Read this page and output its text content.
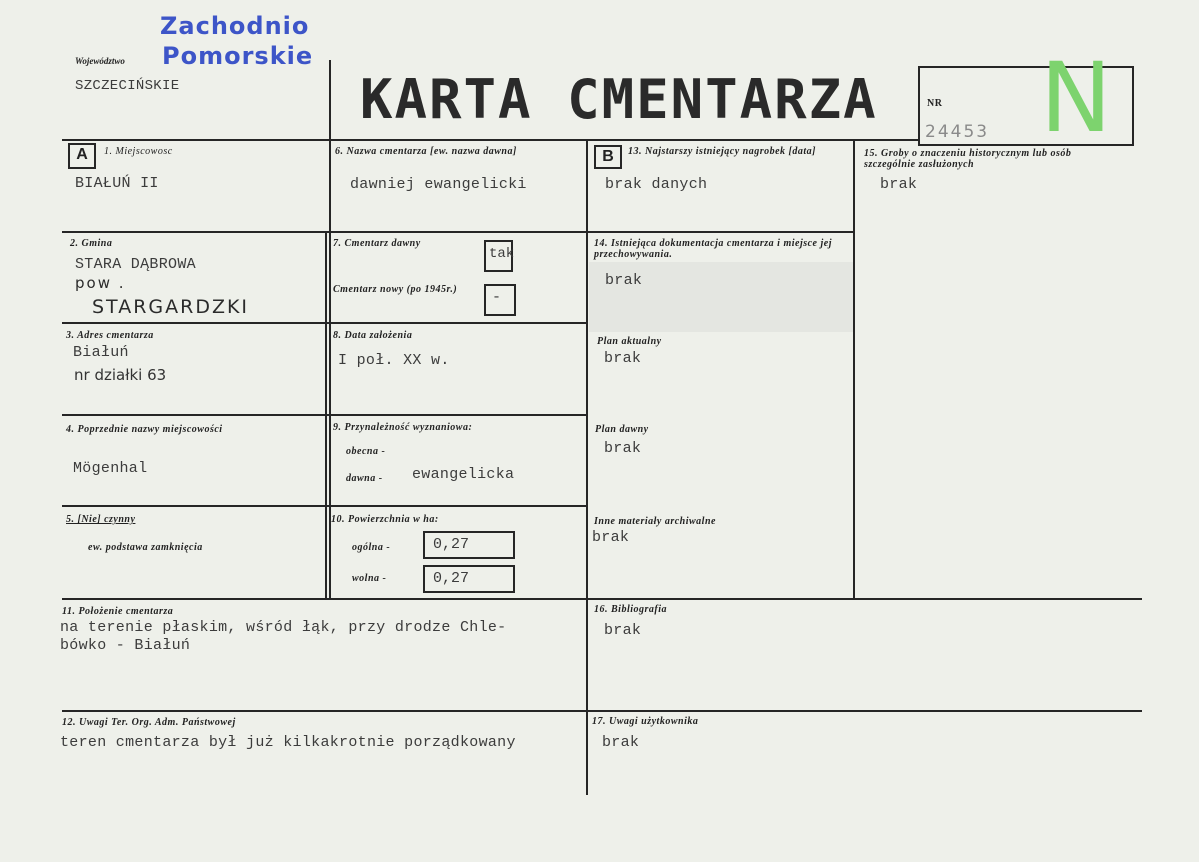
Zachodnio
Pomorskie
Województwo
SZCZECIŃSKIE	KARTA CMENTARZA	NR
24453 N
A	1. Miejscowosc
BIAŁUŃ II
2. Gmina
STARA DĄBROWA
pow .
STARGARDZKI
3. Adres cmentarza
Białuń
nr działki 63
4. Poprzednie nazwy miejscowości
Mögenhal
5. [Nie] czynny
ew. podstawa zamknięcia
6. Nazwa cmentarza [ew. nazwa dawna]
dawniej ewangelicki
7. Cmentarz dawny
tak
Cmentarz nowy (po 1945r.)	-
8. Data założenia
I poł. XX w.
9. Przynależność wyznaniowa:
obecna -
dawna - ewangelicka
10. Powierzchnia w ha:
ogólna -	0,27
wolna -	0,27
B	13. Najstarszy istniejący nagrobek [data]
brak danych
14. Istniejąca dokumentacja cmentarza i miejsce jej przechowywania.
brak
Plan aktualny
brak
Plan dawny
brak
Inne materiały archiwalne
brak
15. Groby o znaczeniu historycznym lub osób szczególnie zasłużonych
brak
11. Położenie cmentarza
na terenie płaskim, wśród łąk, przy drodze Chle-
bówko - Białuń
16. Bibliografia
brak
12. Uwagi Ter. Org. Adm. Państwowej
teren cmentarza był już kilkakrotnie porządkowany
17. Uwagi użytkownika
brak
